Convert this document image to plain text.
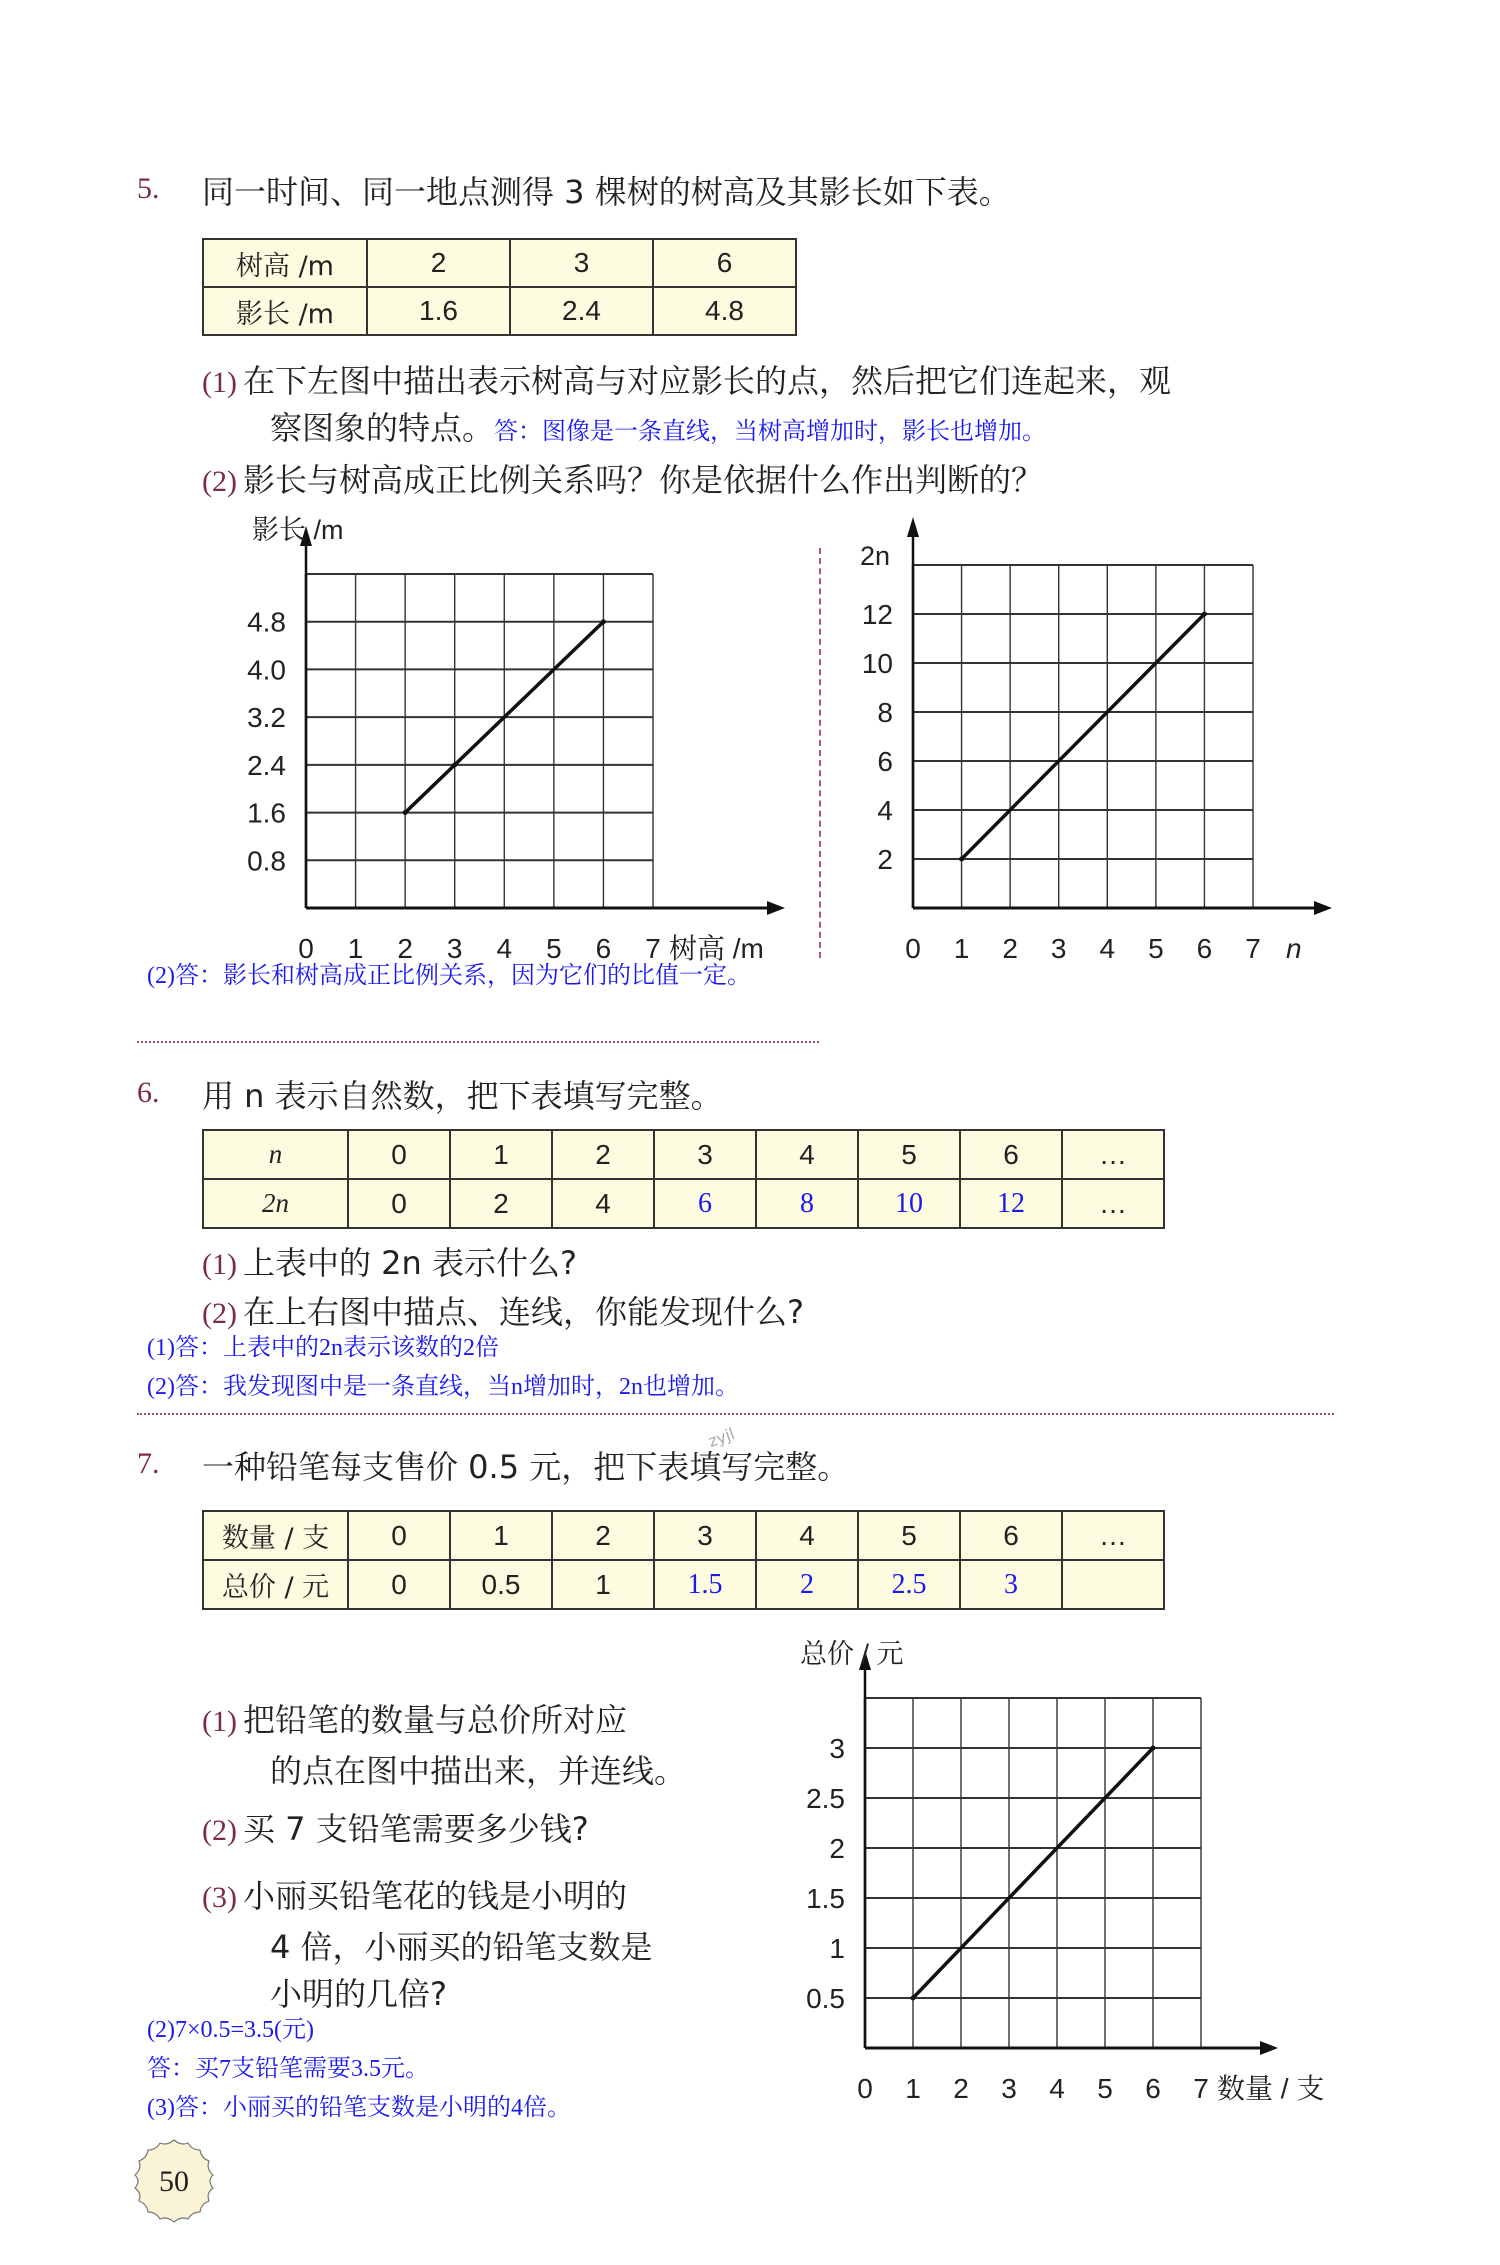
5. 同一时间、同一地点测得 3 棵树的树高及其影长如下表。
树高 /m	2	3	6
影长 /m	1.6	2.4	4.8
(1) 在下左图中描出表示树高与对应影长的点，然后把它们连起来，观
察图象的特点。答：图像是一条直线，当树高增加时，影长也增加。
(2) 影长与树高成正比例关系吗？你是依据什么作出判断的？
0.8
1.6
2.4
3.2
4.0
4.8
0 1 2 3 4 5 6 7 树高 /m
影长 /m
2
4
6
8
10
12
0 1 2 3 4 5 6 7 n
2n
0.5
1
1.5
2
2.5
3
0 1 2 3 4 5 6 7 数量 / 支
总价 / 元
(2)答：影长和树高成正比例关系，因为它们的比值一定。
6. 用 n 表示自然数，把下表填写完整。
n	0	1	2	3	4	5	6	…
2n	0	2	4	6	8	10	12	…
(1) 上表中的 2n 表示什么?
(2) 在上右图中描点、连线，你能发现什么?
(1)答：上表中的2n表示该数的2倍
(2)答：我发现图中是一条直线，当n增加时，2n也增加。
7. 一种铅笔每支售价 0.5 元，把下表填写完整。
zyjl
数量 / 支	0	1	2	3	4	5	6	…
总价 / 元	0	0.5	1	1.5	2	2.5	3	
(1) 把铅笔的数量与总价所对应
的点在图中描出来，并连线。
(2) 买 7 支铅笔需要多少钱?
(3) 小丽买铅笔花的钱是小明的
4 倍，小丽买的铅笔支数是
小明的几倍?
(2)7×0.5=3.5(元)
答：买7支铅笔需要3.5元。
(3)答：小丽买的铅笔支数是小明的4倍。
50
